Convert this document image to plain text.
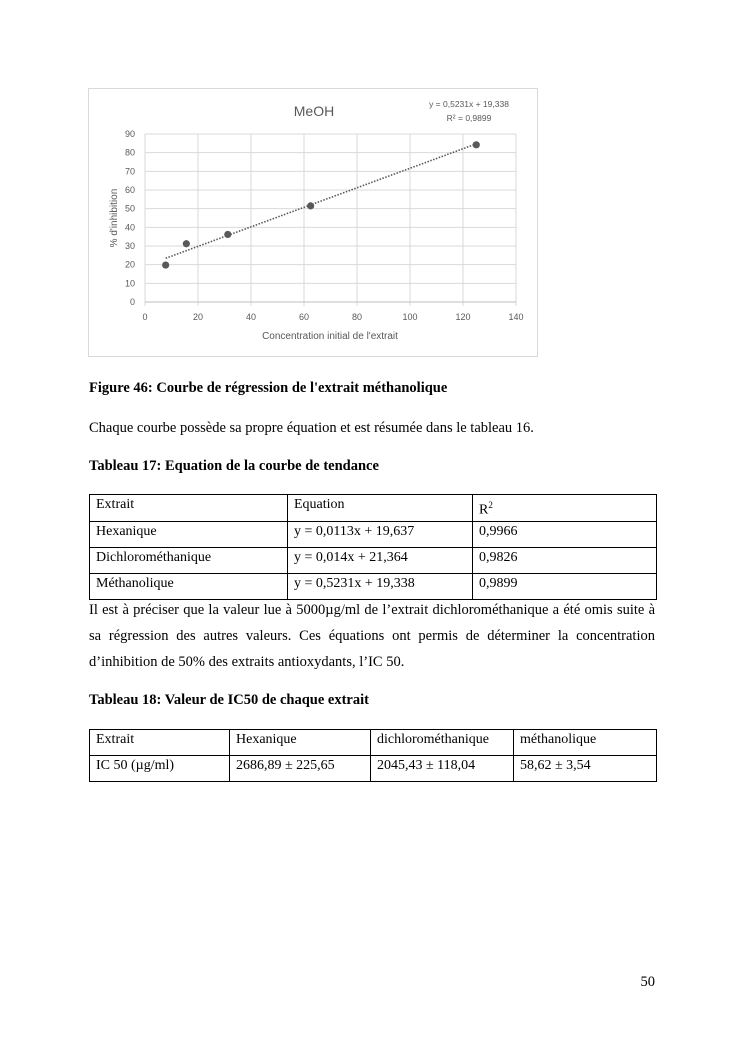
0
10
20
30
40
50
60
70
80
90
0	20	40	60	80	100	120	140
MeOH	y = 0,5231x + 19,338
R² = 0,9899
Concentration initial de l'extrait
% d'inhibition
Figure 46: Courbe de régression de l'extrait méthanolique
Chaque courbe possède sa propre équation et est résumée dans le tableau 16.
Tableau 17: Equation de la courbe de tendance
Extrait	Equation	$R^2$
Hexanique	y = 0,0113x + 19,637	0,9966
Dichlorométhanique	y = 0,014x + 21,364	0,9826
Méthanolique	y = 0,5231x + 19,338	0,9899
Il est à préciser que la valeur lue à 5000µg/ml de l’extrait dichlorométhanique a été omis suite à sa régression des autres valeurs. Ces équations ont permis de déterminer la concentration d’inhibition de 50% des extraits antioxydants, l’IC 50.
Tableau 18: Valeur de IC50 de chaque extrait
Extrait	Hexanique	dichlorométhanique	méthanolique
IC 50 (µg/ml)	2686,89 ± 225,65	2045,43 ± 118,04	58,62 ± 3,54
50
